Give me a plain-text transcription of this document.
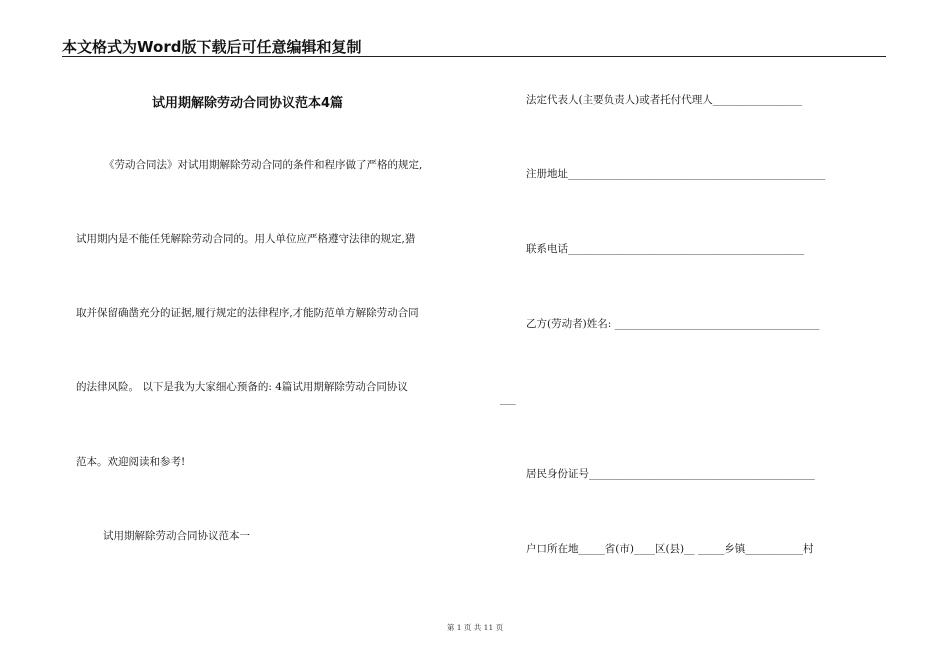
本文格式为Word版下载后可任意编辑和复制
试用期解除劳动合同协议范本4篇
《劳动合同法》对试用期解除劳动合同的条件和程序做了严格的规定,
试用期内是不能任凭解除劳动合同的。用人单位应严格遵守法律的规定,猎
取并保留确凿充分的证据,履行规定的法律程序,才能防范单方解除劳动合同
的法律风险。 以下是我为大家细心预备的: 4篇试用期解除劳动合同协议
范本。欢迎阅读和参考!
试用期解除劳动合同协议范本一
法定代表人(主要负责人)或者托付代理人_________________
注册地址_________________________________________________
联系电话_____________________________________________
乙方(劳动者)姓名: _______________________________________
___
居民身份证号___________________________________________
户口所在地_____省(市)____区(县)__ _____乡镇___________村
第 1 页 共 11 页
